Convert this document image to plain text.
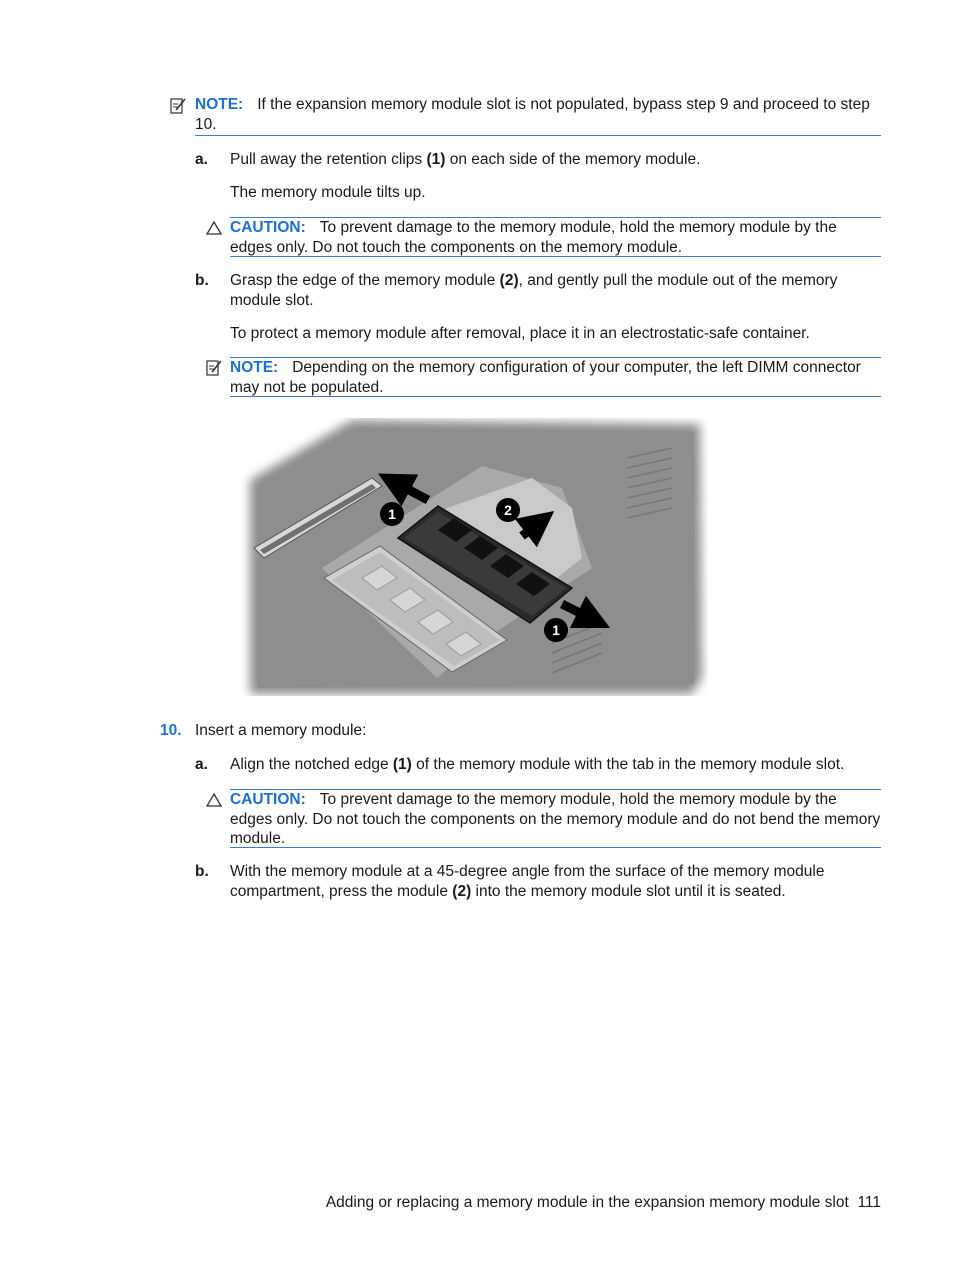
NOTE: If the expansion memory module slot is not populated, bypass step 9 and proceed to step 10.
a. Pull away the retention clips (1) on each side of the memory module.
The memory module tilts up.
CAUTION: To prevent damage to the memory module, hold the memory module by the edges only. Do not touch the components on the memory module.
b. Grasp the edge of the memory module (2), and gently pull the module out of the memory module slot.
To protect a memory module after removal, place it in an electrostatic-safe container.
NOTE: Depending on the memory configuration of your computer, the left DIMM connector may not be populated.
1	2
1
10. Insert a memory module:
a. Align the notched edge (1) of the memory module with the tab in the memory module slot.
CAUTION: To prevent damage to the memory module, hold the memory module by the edges only. Do not touch the components on the memory module and do not bend the memory module.
b. With the memory module at a 45-degree angle from the surface of the memory module compartment, press the module (2) into the memory module slot until it is seated.
Adding or replacing a memory module in the expansion memory module slot 111
